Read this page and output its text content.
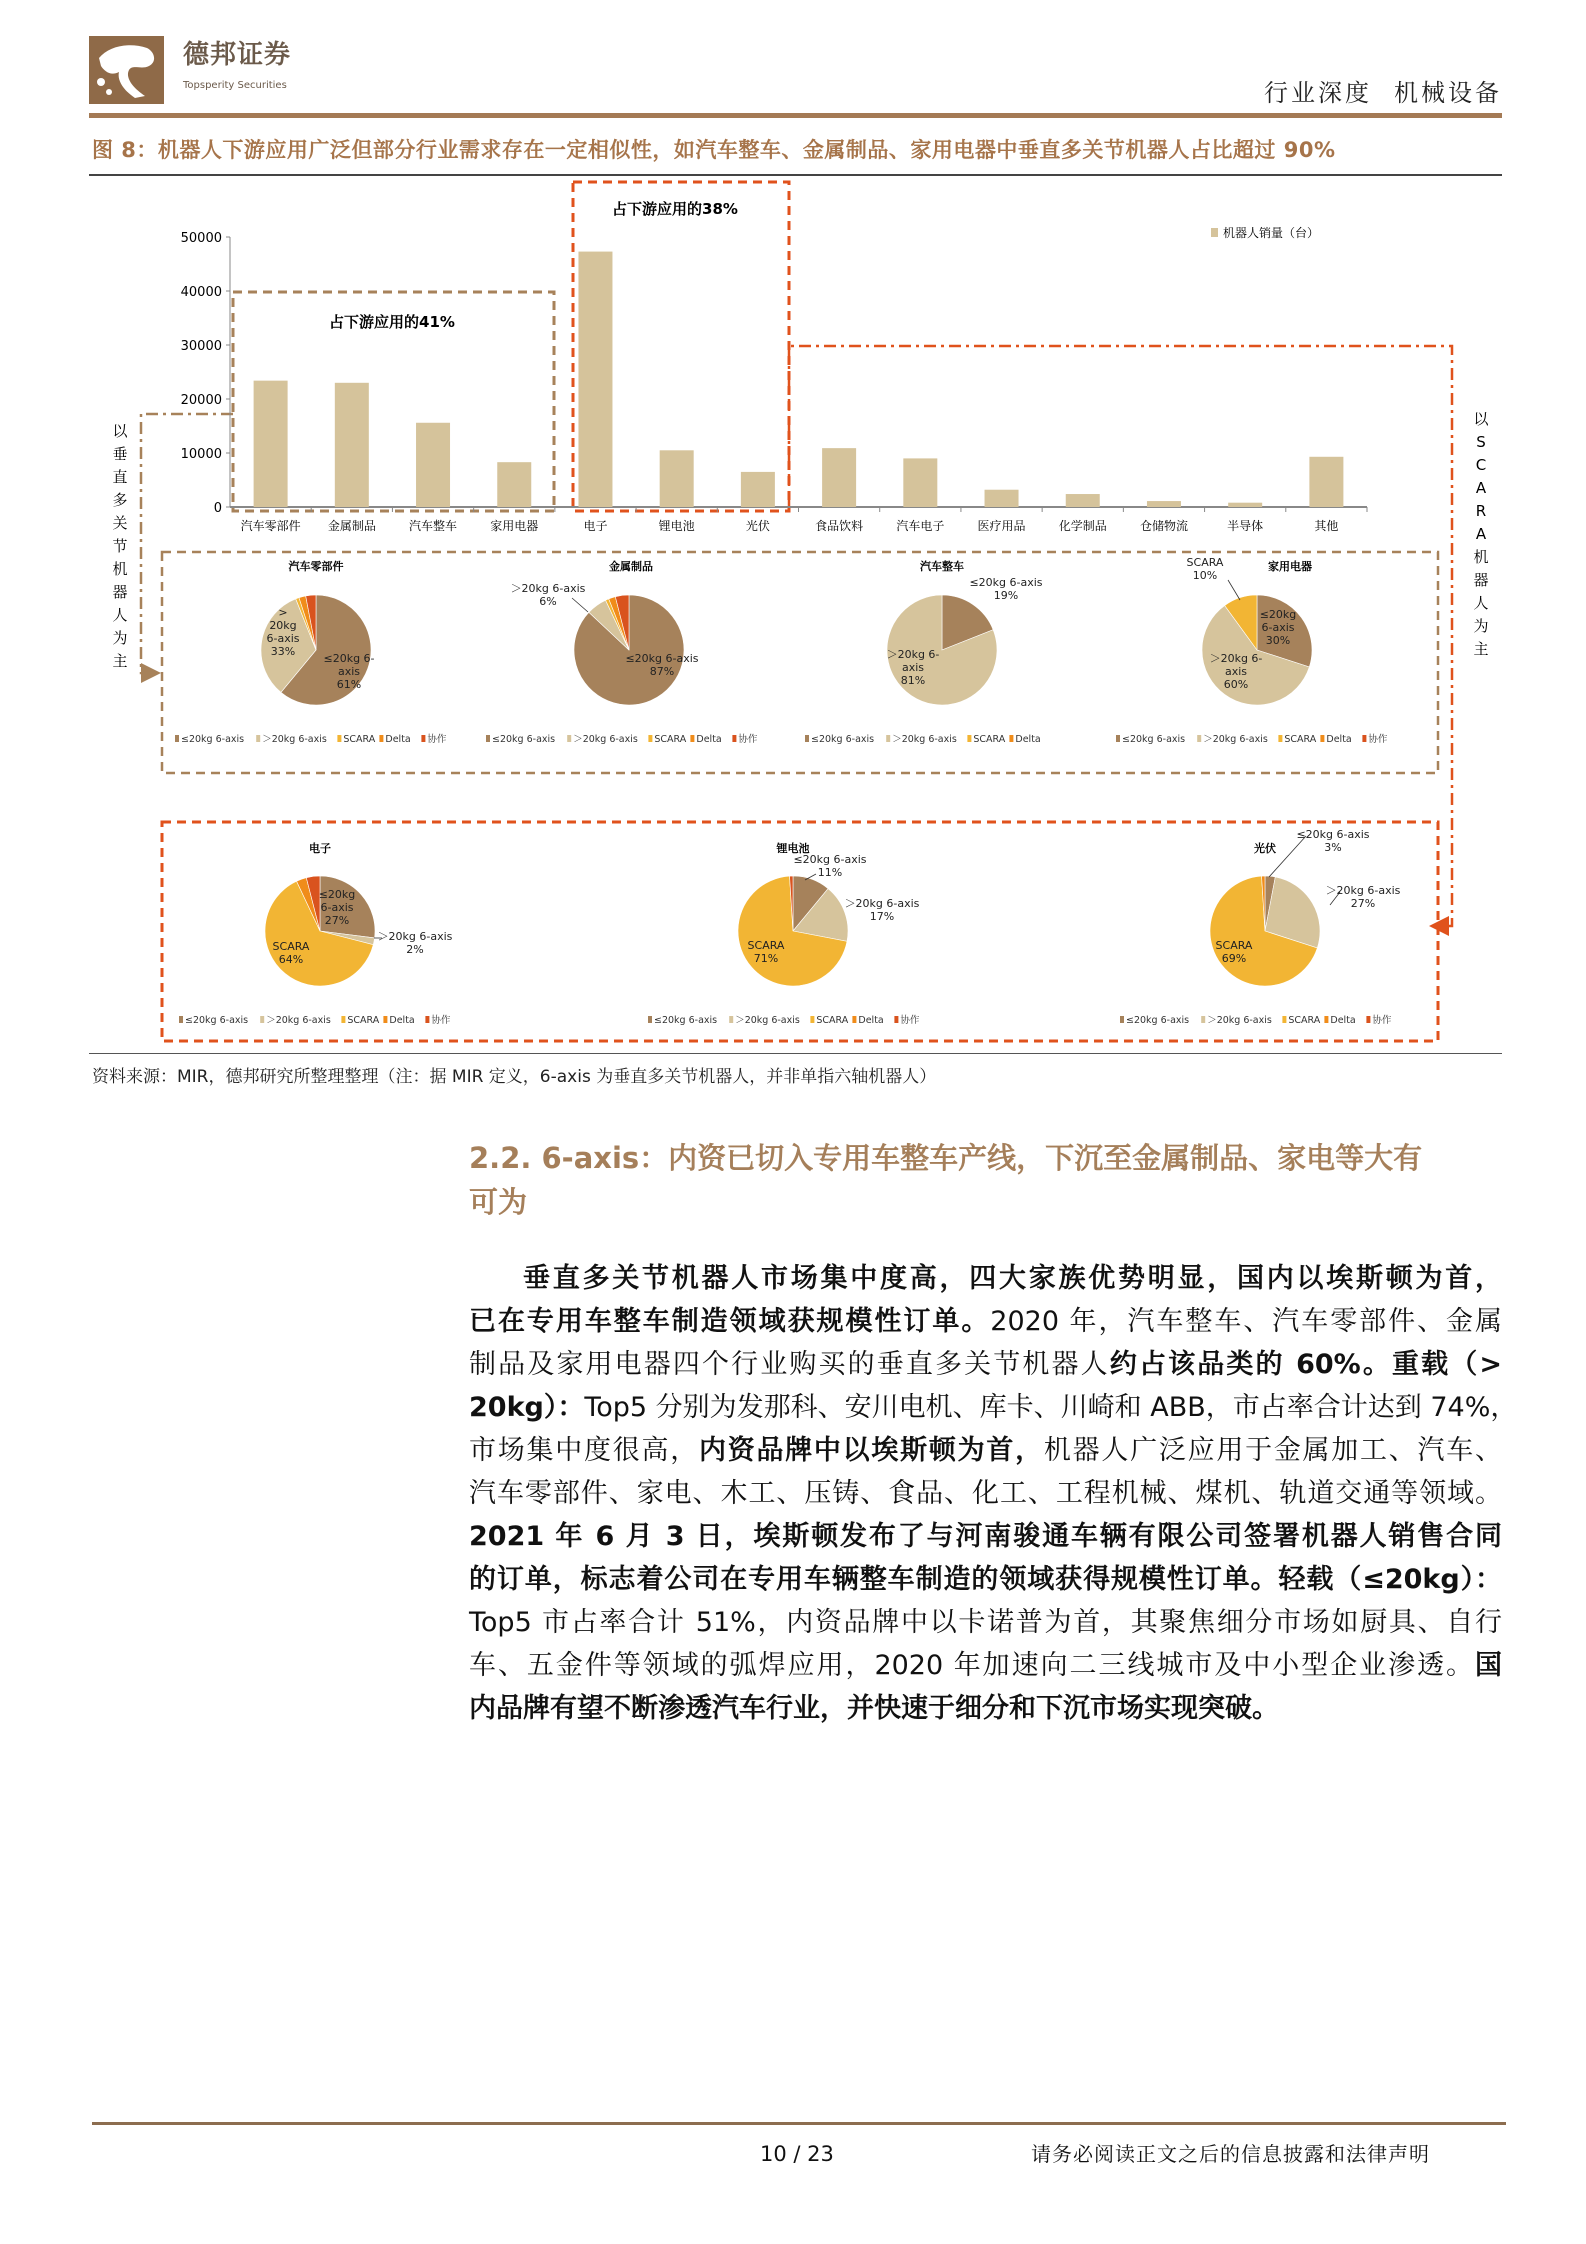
德邦证券
Topsperity Securities	行业深度 机械设备
图 8：机器人下游应用广泛但部分行业需求存在一定相似性，如汽车整车、金属制品、家用电器中垂直多关节机器人占比超过 90%
占下游应用的41%
占下游应用的38%
以垂直多关节机器人为主
以 S C A R A 机器人为主
0
10000
20000
30000
40000
50000
汽车零部件 金属制品	汽车整车	家用电器	电子	锂电池	光伏	食品饮料	汽车电子	医疗用品	化学制品	仓储物流	半导体	其他
机器人销量（台）
汽车零部件	金属制品	汽车整车	家用电器
电子	锂电池	光伏
> 20kg 6-axis 33%
≤20kg 6-axis 61%
＞20kg 6-axis 6%
≤20kg 6-axis 87%
≤20kg 6-axis 19%
＞20kg 6-axis 81%
SCARA 10%
≤20kg 6-axis 30%
＞20kg 6-axis 60%
≤20kg 6-axis 27%
＞20kg 6-axis 2%
SCARA 64%
≤20kg 6-axis 11%
＞20kg 6-axis 17%
SCARA 71%
≤20kg 6-axis 3%
＞20kg 6-axis 27%
SCARA 69%
≤20kg 6-axis ＞20kg 6-axis SCARA Delta 协作	≤20kg 6-axis ＞20kg 6-axis SCARA Delta 协作	≤20kg 6-axis ＞20kg 6-axis SCARA Delta	≤20kg 6-axis ＞20kg 6-axis SCARA Delta 协作
≤20kg 6-axis ＞20kg 6-axis SCARA Delta 协作	≤20kg 6-axis ＞20kg 6-axis SCARA Delta 协作	≤20kg 6-axis ＞20kg 6-axis SCARA Delta 协作
资料来源：MIR，德邦研究所整理整理（注：据 MIR 定义，6-axis 为垂直多关节机器人，并非单指六轴机器人）
2.2. 6-axis：内资已切入专用车整车产线，下沉至金属制品、家电等大有
可为
垂直多关节机器人市场集中度高，四大家族优势明显，国内以埃斯顿为首，
已在专用车整车制造领域获规模性订单。2020 年，汽车整车、汽车零部件、金属
制品及家用电器四个行业购买的垂直多关节机器人约占该品类的 60%。重载（>
20kg）：Top5 分别为发那科、安川电机、库卡、川崎和 ABB，市占率合计达到 74%，
市场集中度很高，内资品牌中以埃斯顿为首，机器人广泛应用于金属加工、汽车、
汽车零部件、家电、木工、压铸、食品、化工、工程机械、煤机、轨道交通等领域。
2021 年 6 月 3 日，埃斯顿发布了与河南骏通车辆有限公司签署机器人销售合同
的订单，标志着公司在专用车辆整车制造的领域获得规模性订单。轻载（≤20kg）：
Top5 市占率合计 51%，内资品牌中以卡诺普为首，其聚焦细分市场如厨具、自行
车、五金件等领域的弧焊应用，2020 年加速向二三线城市及中小型企业渗透。国
内品牌有望不断渗透汽车行业，并快速于细分和下沉市场实现突破。
10 / 23	请务必阅读正文之后的信息披露和法律声明
